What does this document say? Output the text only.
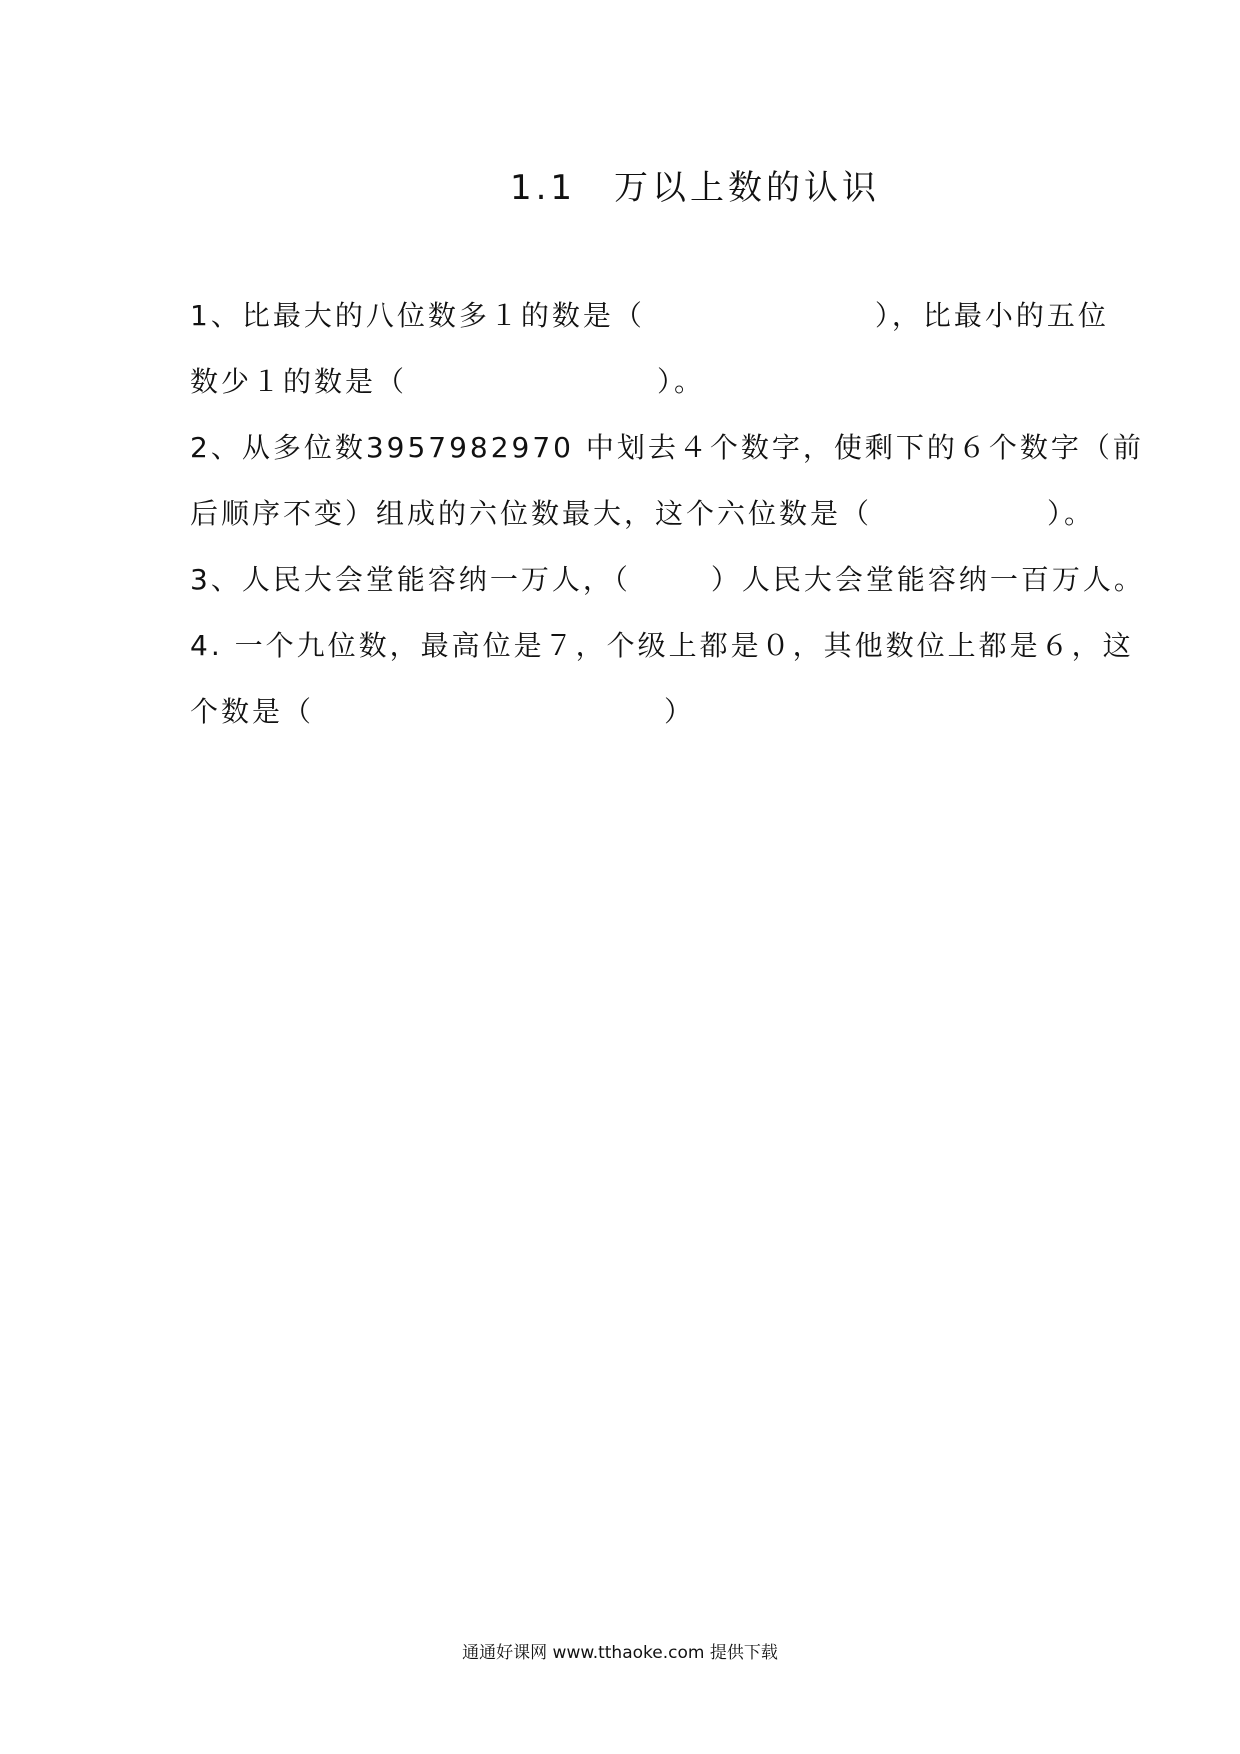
1.1　万以上数的认识
1、比最大的八位数多１的数是（	），比最小的五位
数少１的数是（	）。
2、从多位数3957982970 中划去４个数字，使剩下的６个数字（前
后顺序不变）组成的六位数最大，这个六位数是（	）。
3、人民大会堂能容纳一万人，（	）人民大会堂能容纳一百万人。
4. 一个九位数，最高位是７，个级上都是０，其他数位上都是６，这
个数是（	）
通通好课网 www.tthaoke.com 提供下载
